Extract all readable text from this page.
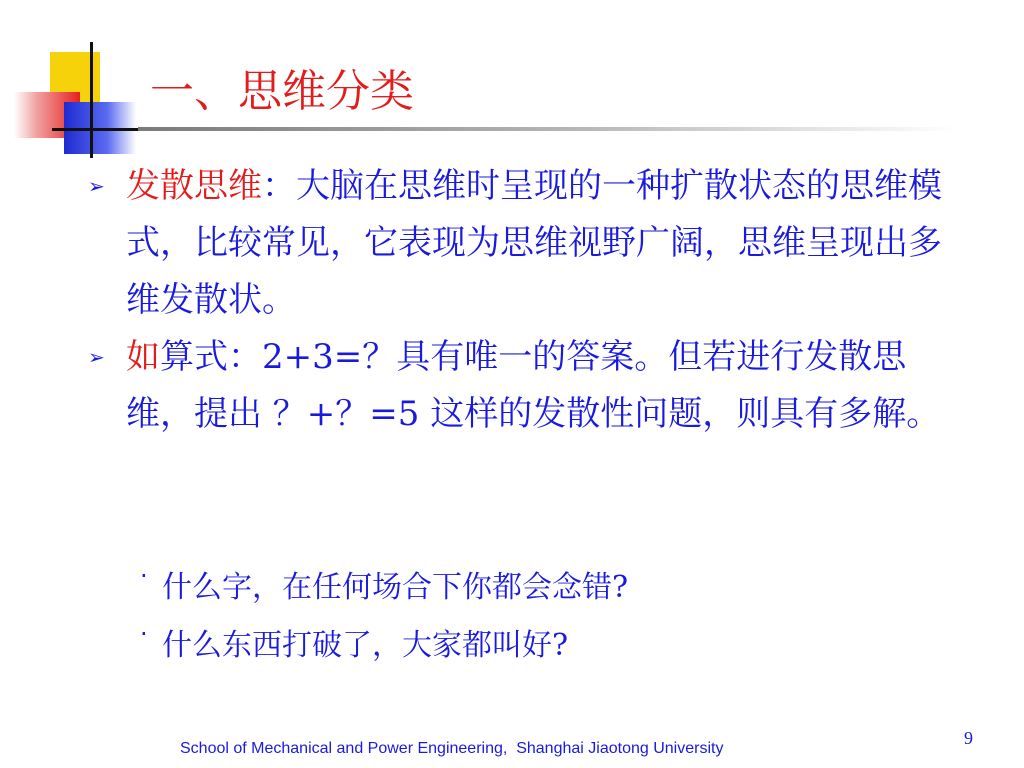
一、思维分类
➢ 发散思维：大脑在思维时呈现的一种扩散状态的思维模式，比较常见，它表现为思维视野广阔，思维呈现出多维发散状。
➢ 如算式：2+3=？具有唯一的答案。但若进行发散思维，提出 ？+？=5 这样的发散性问题，则具有多解。
· 什么字，在任何场合下你都会念错?
· 什么东西打破了，大家都叫好?
9
School of Mechanical and Power Engineering,  Shanghai Jiaotong University
